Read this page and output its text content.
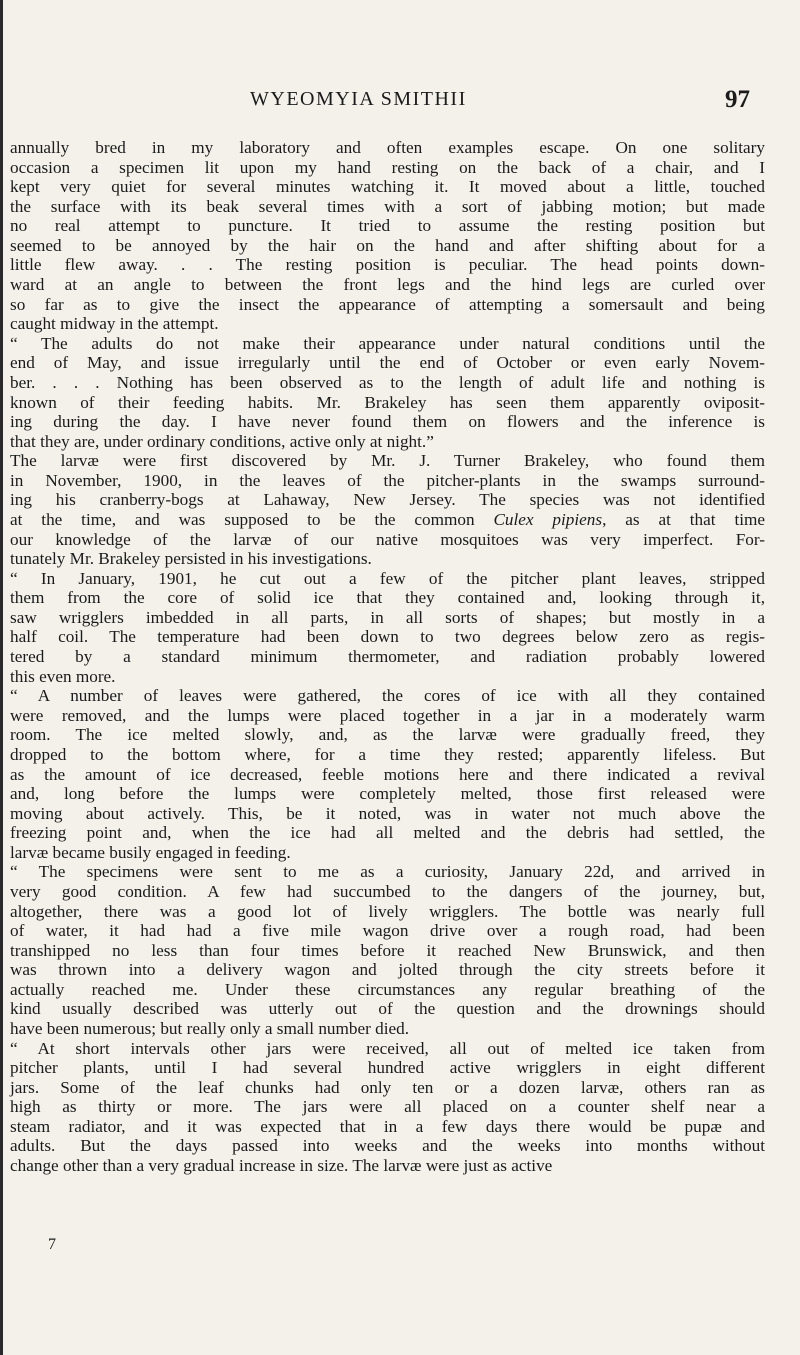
WYEOMYIA SMITHII	97
annually bred in my laboratory and often examples escape. On one solitary
occasion a specimen lit upon my hand resting on the back of a chair, and I
kept very quiet for several minutes watching it. It moved about a little, touched
the surface with its beak several times with a sort of jabbing motion; but made
no real attempt to puncture. It tried to assume the resting position but
seemed to be annoyed by the hair on the hand and after shifting about for a
little flew away. . . The resting position is peculiar. The head points down-
ward at an angle to between the front legs and the hind legs are curled over
so far as to give the insect the appearance of attempting a somersault and being
caught midway in the attempt.
“ The adults do not make their appearance under natural conditions until the
end of May, and issue irregularly until the end of October or even early Novem-
ber. . . . Nothing has been observed as to the length of adult life and nothing is
known of their feeding habits. Mr. Brakeley has seen them apparently oviposit-
ing during the day. I have never found them on flowers and the inference is
that they are, under ordinary conditions, active only at night.”
The larvæ were first discovered by Mr. J. Turner Brakeley, who found them
in November, 1900, in the leaves of the pitcher-plants in the swamps surround-
ing his cranberry-bogs at Lahaway, New Jersey. The species was not identified
at the time, and was supposed to be the common Culex pipiens, as at that time
our knowledge of the larvæ of our native mosquitoes was very imperfect. For-
tunately Mr. Brakeley persisted in his investigations.
“ In January, 1901, he cut out a few of the pitcher plant leaves, stripped
them from the core of solid ice that they contained and, looking through it,
saw wrigglers imbedded in all parts, in all sorts of shapes; but mostly in a
half coil. The temperature had been down to two degrees below zero as regis-
tered by a standard minimum thermometer, and radiation probably lowered
this even more.
“ A number of leaves were gathered, the cores of ice with all they contained
were removed, and the lumps were placed together in a jar in a moderately warm
room. The ice melted slowly, and, as the larvæ were gradually freed, they
dropped to the bottom where, for a time they rested; apparently lifeless. But
as the amount of ice decreased, feeble motions here and there indicated a revival
and, long before the lumps were completely melted, those first released were
moving about actively. This, be it noted, was in water not much above the
freezing point and, when the ice had all melted and the debris had settled, the
larvæ became busily engaged in feeding.
“ The specimens were sent to me as a curiosity, January 22d, and arrived in
very good condition. A few had succumbed to the dangers of the journey, but,
altogether, there was a good lot of lively wrigglers. The bottle was nearly full
of water, it had had a five mile wagon drive over a rough road, had been
transhipped no less than four times before it reached New Brunswick, and then
was thrown into a delivery wagon and jolted through the city streets before it
actually reached me. Under these circumstances any regular breathing of the
kind usually described was utterly out of the question and the drownings should
have been numerous; but really only a small number died.
“ At short intervals other jars were received, all out of melted ice taken from
pitcher plants, until I had several hundred active wrigglers in eight different
jars. Some of the leaf chunks had only ten or a dozen larvæ, others ran as
high as thirty or more. The jars were all placed on a counter shelf near a
steam radiator, and it was expected that in a few days there would be pupæ and
adults. But the days passed into weeks and the weeks into months without
change other than a very gradual increase in size. The larvæ were just as active
7
